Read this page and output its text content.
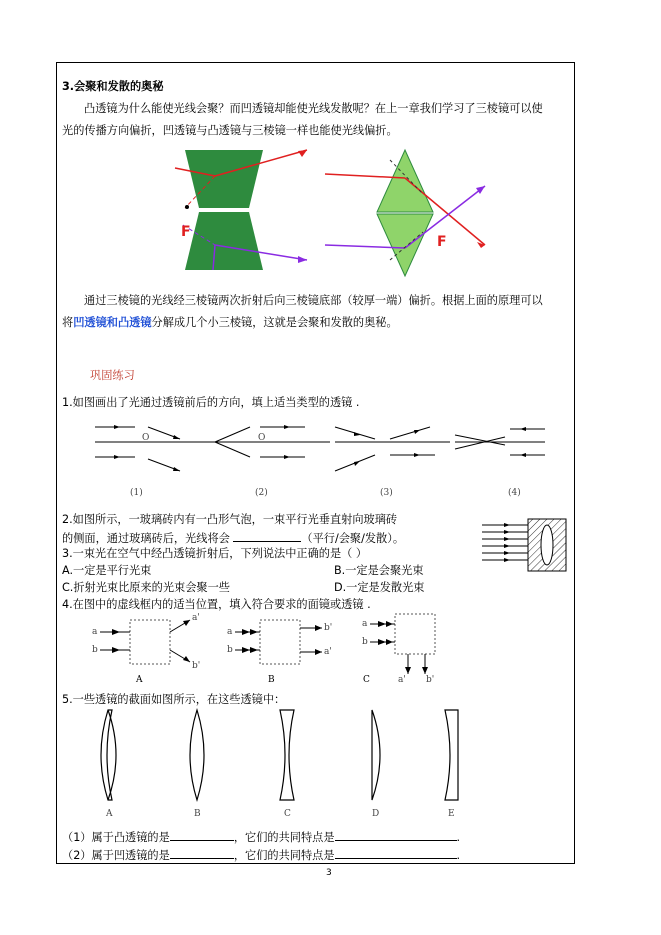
3.会聚和发散的奥秘
凸透镜为什么能使光线会聚？而凹透镜却能使光线发散呢？在上一章我们学习了三棱镜可以使光的传播方向偏折，凹透镜与凸透镜与三棱镜一样也能使光线偏折。
F
F
通过三棱镜的光线经三棱镜两次折射后向三棱镜底部（较厚一端）偏折。根据上面的原理可以将凹透镜和凸透镜分解成几个小三棱镜，这就是会聚和发散的奥秘。
巩固练习
1.如图画出了光通过透镜前后的方向，填上适当类型的透镜 .
O	O
(1)	(2)	(3)	(4)
2.如图所示，一玻璃砖内有一凸形气泡，一束平行光垂直射向玻璃砖
的侧面，通过玻璃砖后，光线将会	（平行/会聚/发散）。
3.一束光在空气中经凸透镜折射后，下列说法中正确的是（ ）
A.一定是平行光束	B.一定是会聚光束
C.折射光束比原来的光束会聚一些	D.一定是发散光束
4.在图中的虚线框内的适当位置，填入符合要求的面镜或透镜 .
a
b
a'
b'
a
b
b'
a'
a
b
a' b'
A	B	C
5.一些透镜的截面如图所示，在这些透镜中：
A	B	C	D	E
（1）属于凸透镜的是	，它们的共同特点是	.
（2）属于凹透镜的是	，它们的共同特点是	.
3
